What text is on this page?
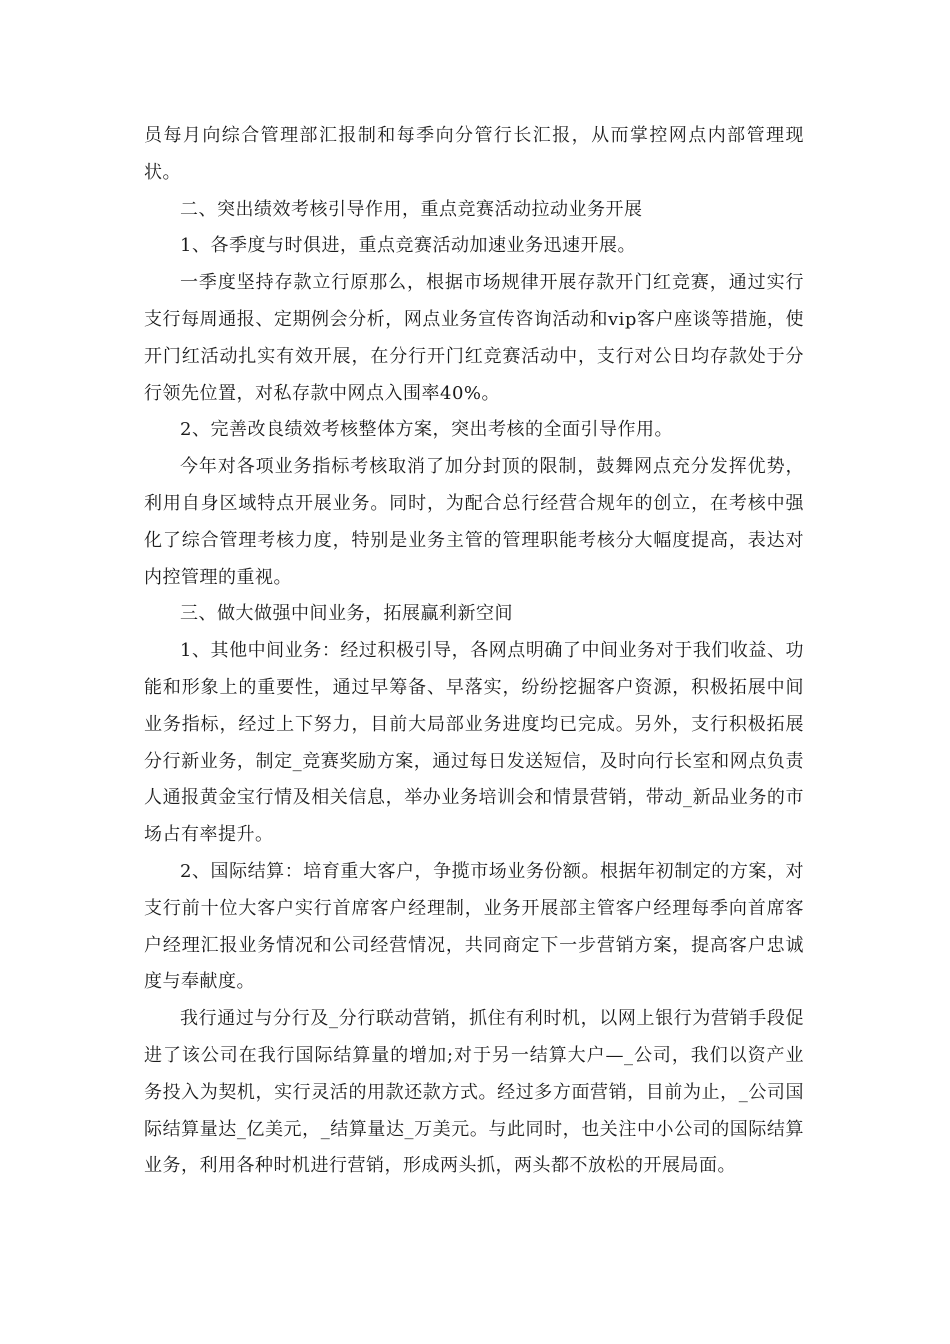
员每月向综合管理部汇报制和每季向分管行长汇报，从而掌控网点内部管理现状。

二、突出绩效考核引导作用，重点竞赛活动拉动业务开展

1、各季度与时俱进，重点竞赛活动加速业务迅速开展。

一季度坚持存款立行原那么，根据市场规律开展存款开门红竞赛，通过实行支行每周通报、定期例会分析，网点业务宣传咨询活动和vip客户座谈等措施，使开门红活动扎实有效开展，在分行开门红竞赛活动中，支行对公日均存款处于分行领先位置，对私存款中网点入围率40%。

2、完善改良绩效考核整体方案，突出考核的全面引导作用。

今年对各项业务指标考核取消了加分封顶的限制，鼓舞网点充分发挥优势，利用自身区域特点开展业务。同时，为配合总行经营合规年的创立，在考核中强化了综合管理考核力度，特别是业务主管的管理职能考核分大幅度提高，表达对内控管理的重视。

三、做大做强中间业务，拓展赢利新空间

1、其他中间业务：经过积极引导，各网点明确了中间业务对于我们收益、功能和形象上的重要性，通过早筹备、早落实，纷纷挖掘客户资源，积极拓展中间业务指标，经过上下努力，目前大局部业务进度均已完成。另外，支行积极拓展分行新业务，制定_竞赛奖励方案，通过每日发送短信，及时向行长室和网点负责人通报黄金宝行情及相关信息，举办业务培训会和情景营销，带动_新品业务的市场占有率提升。

2、国际结算：培育重大客户，争揽市场业务份额。根据年初制定的方案，对支行前十位大客户实行首席客户经理制，业务开展部主管客户经理每季向首席客户经理汇报业务情况和公司经营情况，共同商定下一步营销方案，提高客户忠诚度与奉献度。

我行通过与分行及_分行联动营销，抓住有利时机，以网上银行为营销手段促进了该公司在我行国际结算量的增加;对于另一结算大户—_公司，我们以资产业务投入为契机，实行灵活的用款还款方式。经过多方面营销，目前为止，_公司国际结算量达_亿美元，_结算量达_万美元。与此同时，也关注中小公司的国际结算业务，利用各种时机进行营销，形成两头抓，两头都不放松的开展局面。
